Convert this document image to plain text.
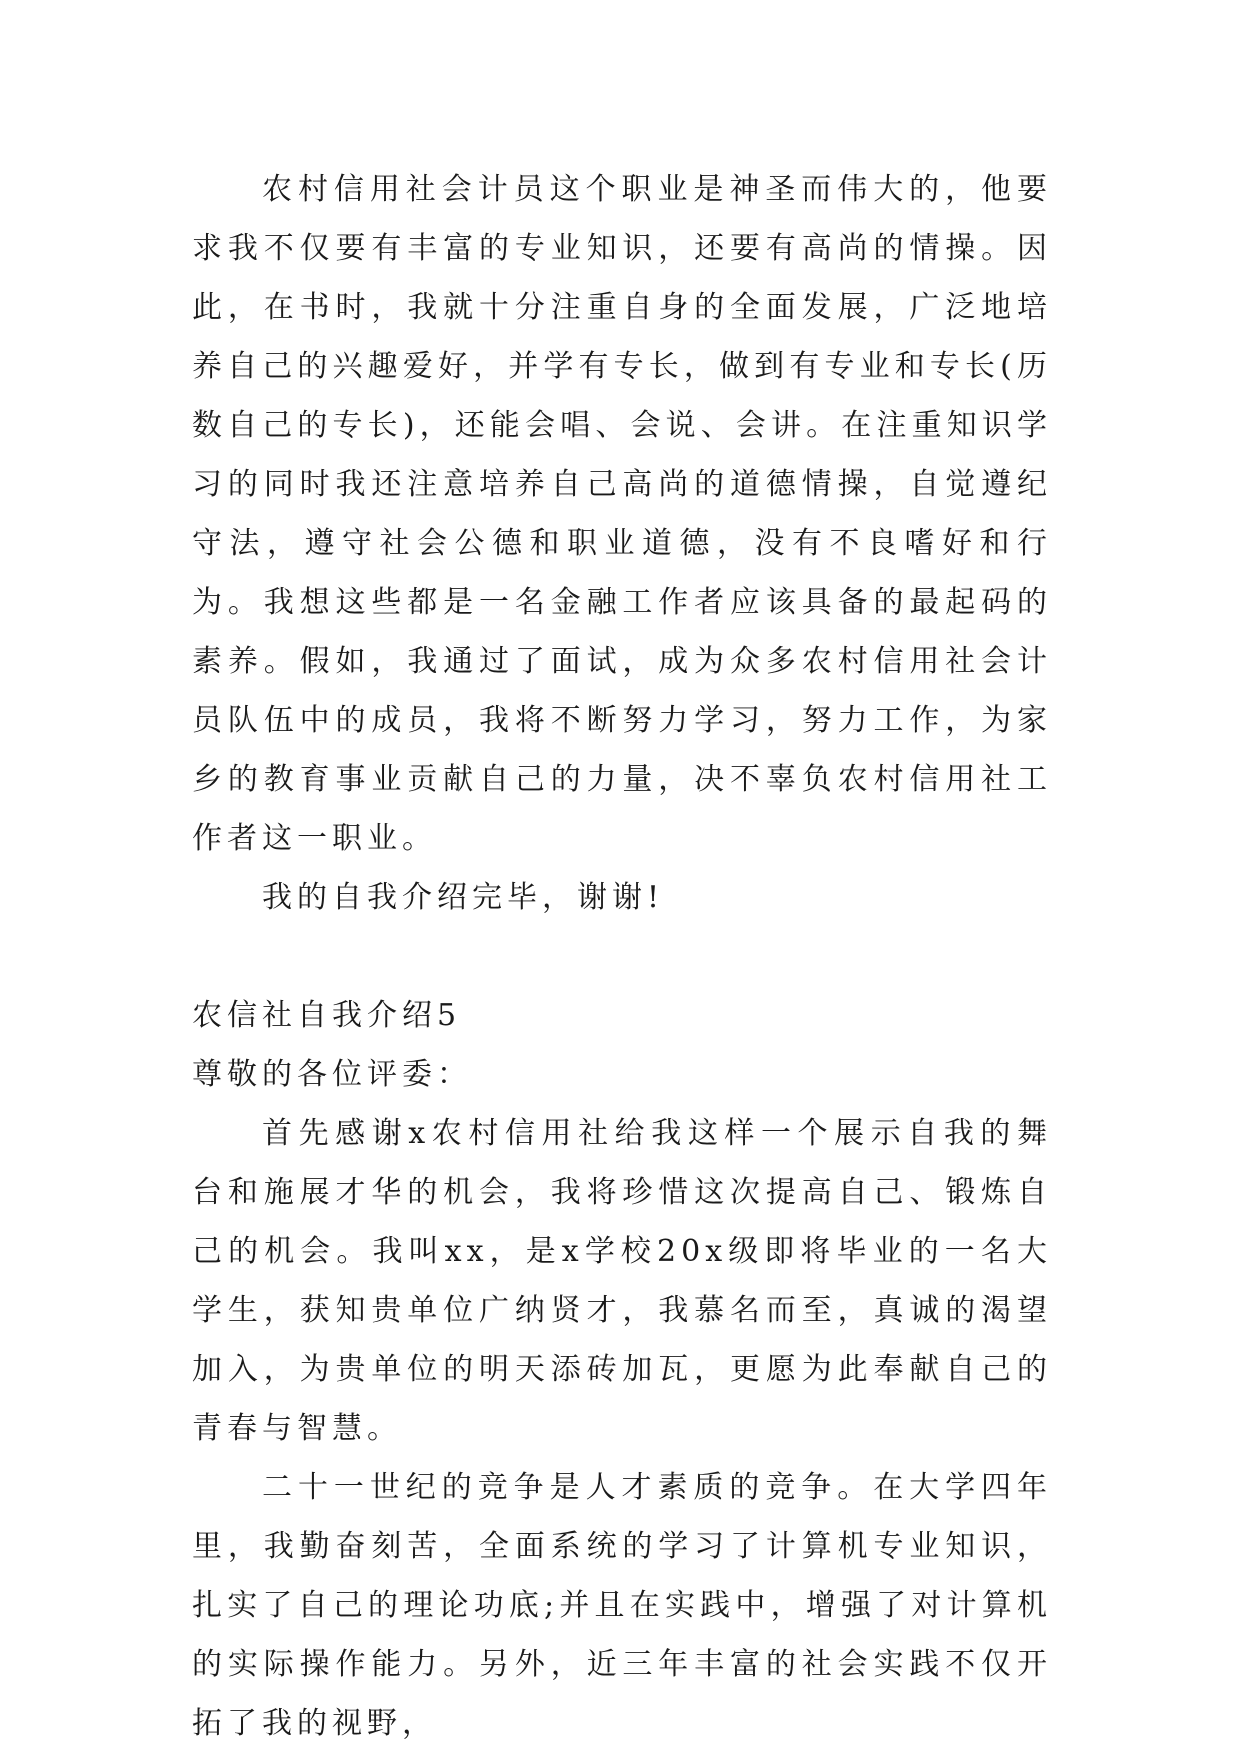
农村信用社会计员这个职业是神圣而伟大的，他要求我不仅要有丰富的专业知识，还要有高尚的情操。因此，在书时，我就十分注重自身的全面发展，广泛地培养自己的兴趣爱好，并学有专长，做到有专业和专长(历数自己的专长)，还能会唱、会说、会讲。在注重知识学习的同时我还注意培养自己高尚的道德情操，自觉遵纪守法，遵守社会公德和职业道德，没有不良嗜好和行为。我想这些都是一名金融工作者应该具备的最起码的素养。假如，我通过了面试，成为众多农村信用社会计员队伍中的成员，我将不断努力学习，努力工作，为家乡的教育事业贡献自己的力量，决不辜负农村信用社工作者这一职业。

我的自我介绍完毕，谢谢!

农信社自我介绍5

尊敬的各位评委：

首先感谢x农村信用社给我这样一个展示自我的舞台和施展才华的机会，我将珍惜这次提高自己、锻炼自己的机会。我叫xx，是x学校20x级即将毕业的一名大学生，获知贵单位广纳贤才，我慕名而至，真诚的渴望加入，为贵单位的明天添砖加瓦，更愿为此奉献自己的青春与智慧。

二十一世纪的竞争是人才素质的竞争。在大学四年里，我勤奋刻苦，全面系统的学习了计算机专业知识，扎实了自己的理论功底;并且在实践中，增强了对计算机的实际操作能力。另外，近三年丰富的社会实践不仅开拓了我的视野，
